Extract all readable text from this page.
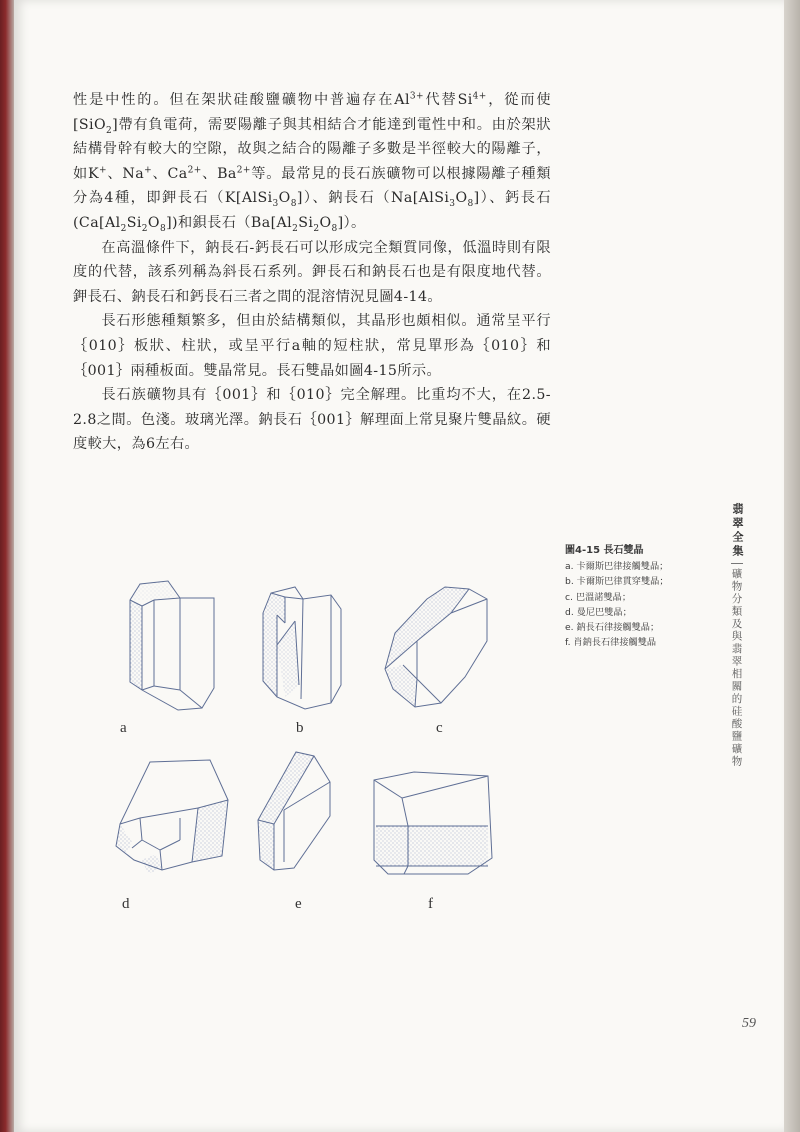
性是中性的。但在架狀硅酸鹽礦物中普遍存在$Al^{3+}$代替$Si^{4+}$，從而使[SiO$_2$]帶有負電荷，需要陽離子與其相結合才能達到電性中和。由於架狀結構骨幹有較大的空隙，故與之結合的陽離子多數是半徑較大的陽離子，如K+、Na+、$Ca^{2+}$、$Ba^{2+}$等。最常見的長石族礦物可以根據陽離子種類分為4種，即鉀長石$(K[AlSi_3O_8])$、鈉長石$(Na[AlSi_3O_8])$、鈣長石$(Ca[Al_2Si_2O_8])$和鋇長石$(Ba[Al_2Si_2O_8])$。

在高溫條件下，鈉長石-鈣長石可以形成完全類質同像，低溫時則有限度的代替，該系列稱為斜長石系列。鉀長石和鈉長石也是有限度地代替。鉀長石、鈉長石和鈣長石三者之間的混溶情況見圖4-14。

長石形態種類繁多，但由於結構類似，其晶形也頗相似。通常呈平行｛010｝板狀、柱狀，或呈平行a軸的短柱狀，常見單形為｛010｝和｛001｝兩種板面。雙晶常見。長石雙晶如圖4-15所示。

長石族礦物具有｛001｝和｛010｝完全解理。比重均不大，在2.5-2.8之間。色淺。玻璃光澤。鈉長石｛001｝解理面上常見聚片雙晶紋。硬度較大，為6左右。

翡翠全集
礦物分類及與翡翠相關的硅酸鹽礦物
圖4-15 長石雙晶
a. 卡爾斯巴律接觸雙晶；
b. 卡爾斯巴律貫穿雙晶；
c. 巴溫諾雙晶；
d. 曼尼巴雙晶；
e. 鈉長石律接觸雙晶；
f. 肖鈉長石律接觸雙晶
a	b	c
d	e	f
59
